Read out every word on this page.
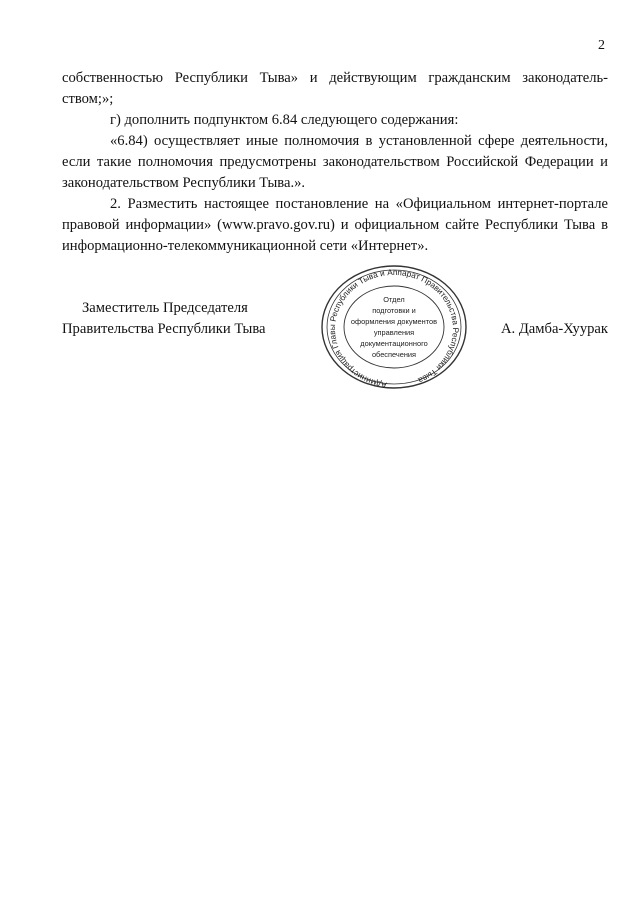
2

собственностью Республики Тыва» и действующим гражданским законодатель-ством;»;

г) дополнить подпунктом 6.84 следующего содержания:

«6.84) осуществляет иные полномочия в установленной сфере деятельности, если такие полномочия предусмотрены законодательством Российской Федерации и законодательством Республики Тыва.».

2. Разместить настоящее постановление на «Официальном интернет-портале правовой информации» (www.pravo.gov.ru) и официальном сайте Республики Тыва в информационно-телекоммуникационной сети «Интернет».

Заместитель Председателя
Правительства Республики Тыва	А. Дамба-Хуурак
Администрация Главы Республики Тыва и Аппарат Правительства Республики Тыва
Отдел
подготовки и
оформления документов
управления
документационного
обеспечения
